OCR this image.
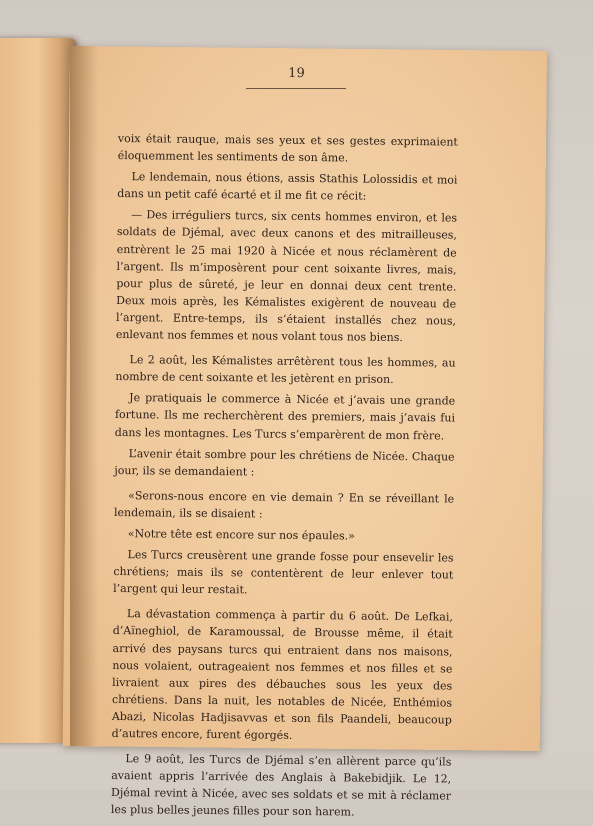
19

voix était rauque, mais ses yeux et ses gestes exprimaient éloquemment les sentiments de son âme.

Le lendemain, nous étions, assis Stathis Lolossidis et moi dans un petit café écarté et il me fit ce récit:

— Des irréguliers turcs, six cents hommes environ, et les soldats de Djémal, avec deux canons et des mitrailleuses, entrèrent le 25 mai 1920 à Nicée et nous réclamèrent de l’argent. Ils m’imposèrent pour cent soixante livres, mais, pour plus de sûreté, je leur en donnai deux cent trente. Deux mois après, les Kémalistes exigèrent de nouveau de l’argent. Entre-temps, ils s’étaient installés chez nous, enlevant nos femmes et nous volant tous nos biens.

Le 2 août, les Kémalistes arrêtèrent tous les hommes, au nombre de cent soixante et les jetèrent en prison.

Je pratiquais le commerce à Nicée et j’avais une grande fortune. Ils me recherchèrent des premiers, mais j’avais fui dans les montagnes. Les Turcs s’emparèrent de mon frère.

L’avenir était sombre pour les chrétiens de Nicée. Chaque jour, ils se demandaient :

«Serons-nous encore en vie demain ? En se réveillant le lendemain, ils se disaient :

«Notre tête est encore sur nos épaules.»

Les Turcs creusèrent une grande fosse pour ensevelir les chrétiens; mais ils se contentèrent de leur enlever tout l’argent qui leur restait.

La dévastation commença à partir du 6 août. De Lefkai, d’Aïneghiol, de Karamoussal, de Brousse même, il était arrivé des paysans turcs qui entraient dans nos maisons, nous volaient, outrageaient nos femmes et nos filles et se livraient aux pires des débauches sous les yeux des chrétiens. Dans la nuit, les notables de Nicée, Enthémios Abazi, Nicolas Hadjisavvas et son fils Paandeli, beaucoup d’autres encore, furent égorgés.

Le 9 août, les Turcs de Djémal s’en allèrent parce qu’ils avaient appris l’arrivée des Anglais à Bakebidjik. Le 12, Djémal revint à Nicée, avec ses soldats et se mit à réclamer les plus belles jeunes filles pour son harem.
